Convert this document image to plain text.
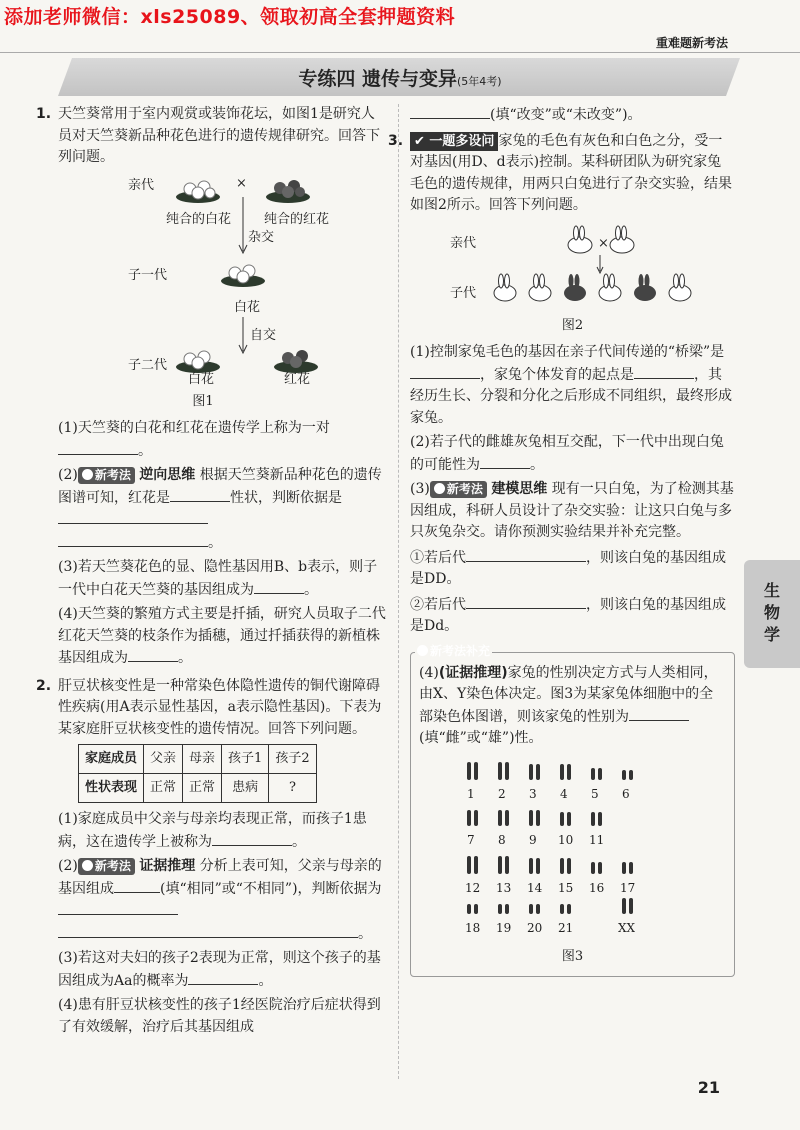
添加老师微信：xls25089、领取初高全套押题资料
重难题新考法
专练四 遗传与变异(5年4考)

1. 天竺葵常用于室内观赏或装饰花坛，如图1是研究人员对天竺葵新品种花色进行的遗传规律研究。回答下列问题。

亲代	×
纯合的白花	纯合的红花
杂交
子一代
白花
自交
子二代
白花	红花

图1

(1)天竺葵的白花和红花在遗传学上称为一对。

(2) 新考法 逆向思维 根据天竺葵新品种花色的遗传图谱可知，红花是	性状，判断依据是
。

(3)若天竺葵花色的显、隐性基因用B、b表示，则子一代中白花天竺葵的基因组成为	。

(4)天竺葵的繁殖方式主要是扦插，研究人员取子二代红花天竺葵的枝条作为插穗，通过扦插获得的新植株基因组成为	。

2. 肝豆状核变性是一种常染色体隐性遗传的铜代谢障碍性疾病(用A表示显性基因，a表示隐性基因)。下表为某家庭肝豆状核变性的遗传情况。回答下列问题。

家庭成员	父亲	母亲	孩子1	孩子2
性状表现	正常	正常	患病	?

(1)家庭成员中父亲与母亲均表现正常，而孩子1患病，这在遗传学上被称为	。

(2) 新考法 证据推理 分析上表可知，父亲与母亲的基因组成	(填“相同”或“不相同”)，判断依据为
。

(3)若这对夫妇的孩子2表现为正常，则这个孩子的基因组成为Aa的概率为	。

(4)患有肝豆状核变性的孩子1经医院治疗后症状得到了有效缓解，治疗后其基因组成

(填“改变”或“未改变”)。

3. ✔ 一题多设问 家兔的毛色有灰色和白色之分，受一对基因(用D、d表示)控制。某科研团队为研究家兔毛色的遗传规律，用两只白兔进行了杂交实验，结果如图2所示。回答下列问题。

亲代	×
子代

图2

(1)控制家兔毛色的基因在亲子代间传递的“桥梁”是，家兔个体发育的起点是	，其经历生长、分裂和分化之后形成不同组织，最终形成家兔。

(2)若子代的雌雄灰兔相互交配，下一代中出现白兔的可能性为	。

(3) 新考法 建模思维 现有一只白兔，为了检测其基因组成，科研人员设计了杂交实验：让这只白兔与多只灰兔杂交。请你预测实验结果并补充完整。

①若后代	，则该白兔的基因组成是DD。

②若后代	，则该白兔的基因组成是Dd。

新考法补充

(4)(证据推理)家兔的性别决定方式与人类相同，由X、Y染色体决定。图3为某家兔体细胞中的全部染色体图谱，则该家兔的性别为(填“雌”或“雄”)性。

1 2 3 4 5 6
7 8 9 10 11
12 13 14 15 16 17
18 19 20 21	XX

图3

生物学
21
